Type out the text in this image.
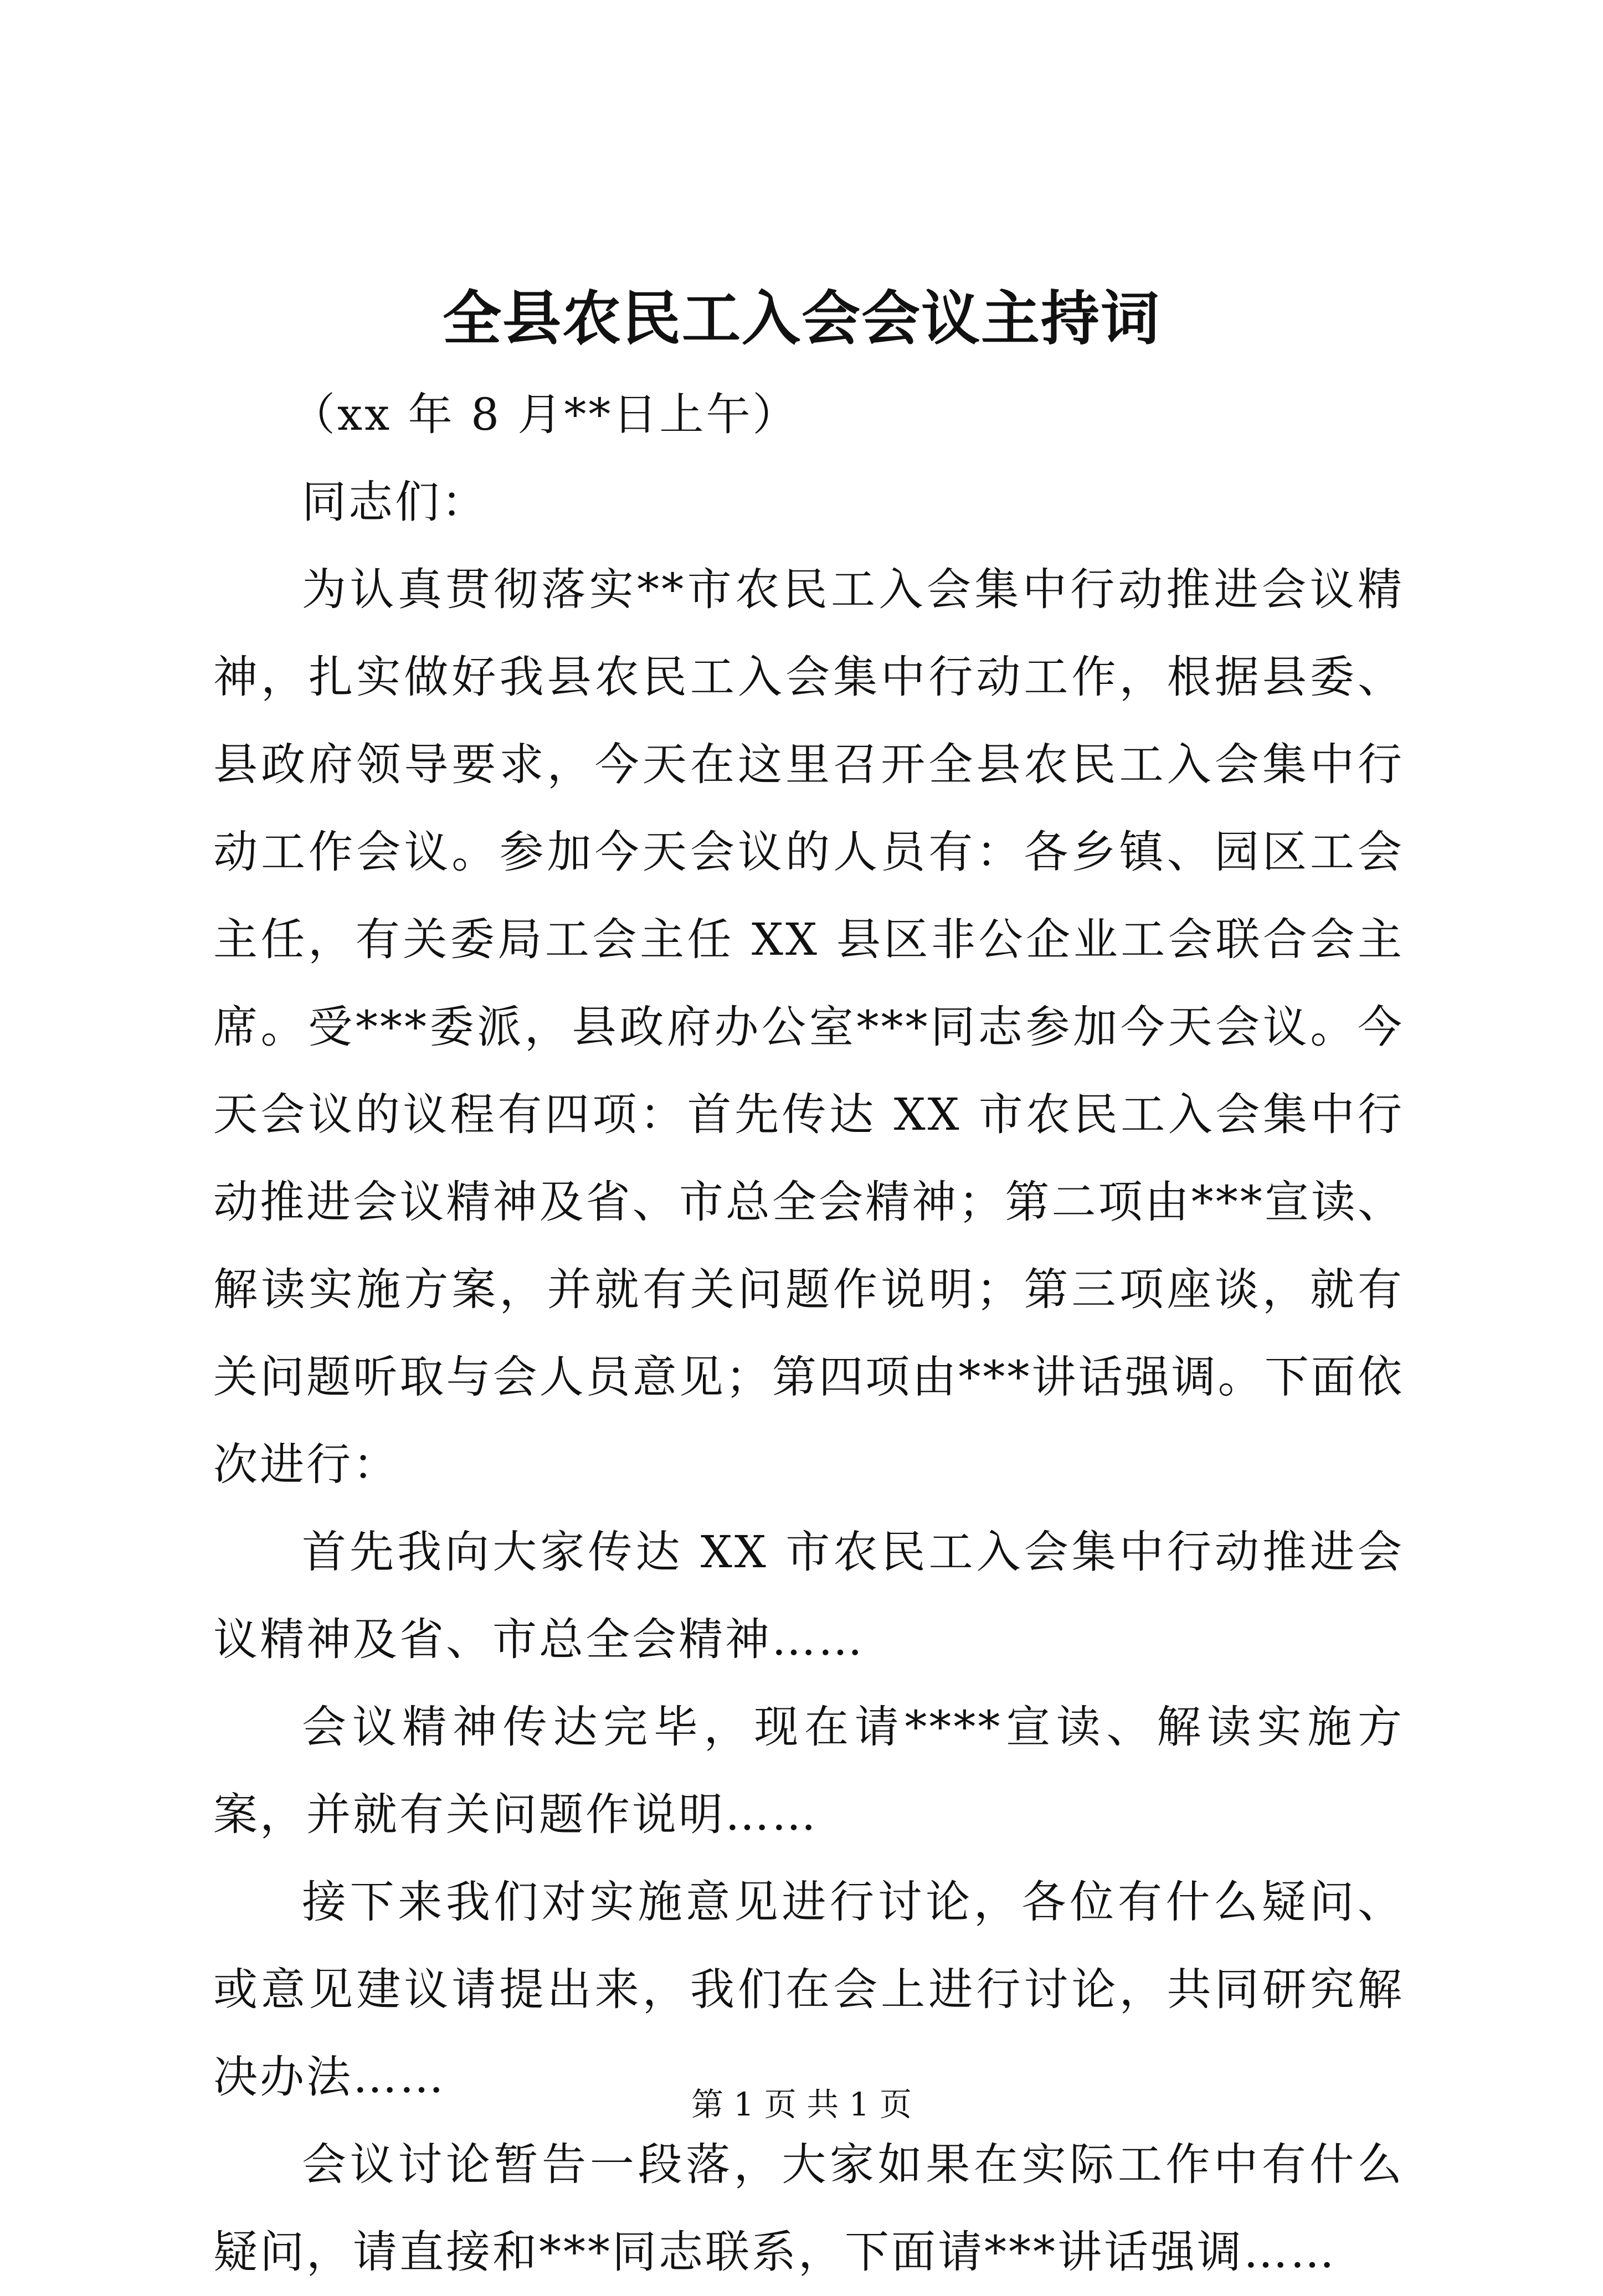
全县农民工入会会议主持词

（xx 年 8 月**日上午）

同志们：

为认真贯彻落实**市农民工入会集中行动推进会议精神，扎实做好我县农民工入会集中行动工作，根据县委、县政府领导要求，今天在这里召开全县农民工入会集中行动工作会议。参加今天会议的人员有：各乡镇、园区工会主任，有关委局工会主任 XX 县区非公企业工会联合会主席。受***委派，县政府办公室***同志参加今天会议。今天会议的议程有四项：首先传达 XX 市农民工入会集中行动推进会议精神及省、市总全会精神；第二项由***宣读、解读实施方案，并就有关问题作说明；第三项座谈，就有关问题听取与会人员意见；第四项由***讲话强调。下面依次进行：

首先我向大家传达 XX 市农民工入会集中行动推进会议精神及省、市总全会精神……

会议精神传达完毕，现在请****宣读、解读实施方案，并就有关问题作说明……

接下来我们对实施意见进行讨论，各位有什么疑问、或意见建议请提出来，我们在会上进行讨论，共同研究解决办法……

会议讨论暂告一段落，大家如果在实际工作中有什么疑问，请直接和***同志联系，下面请***讲话强调……

第 1 页 共 1 页
